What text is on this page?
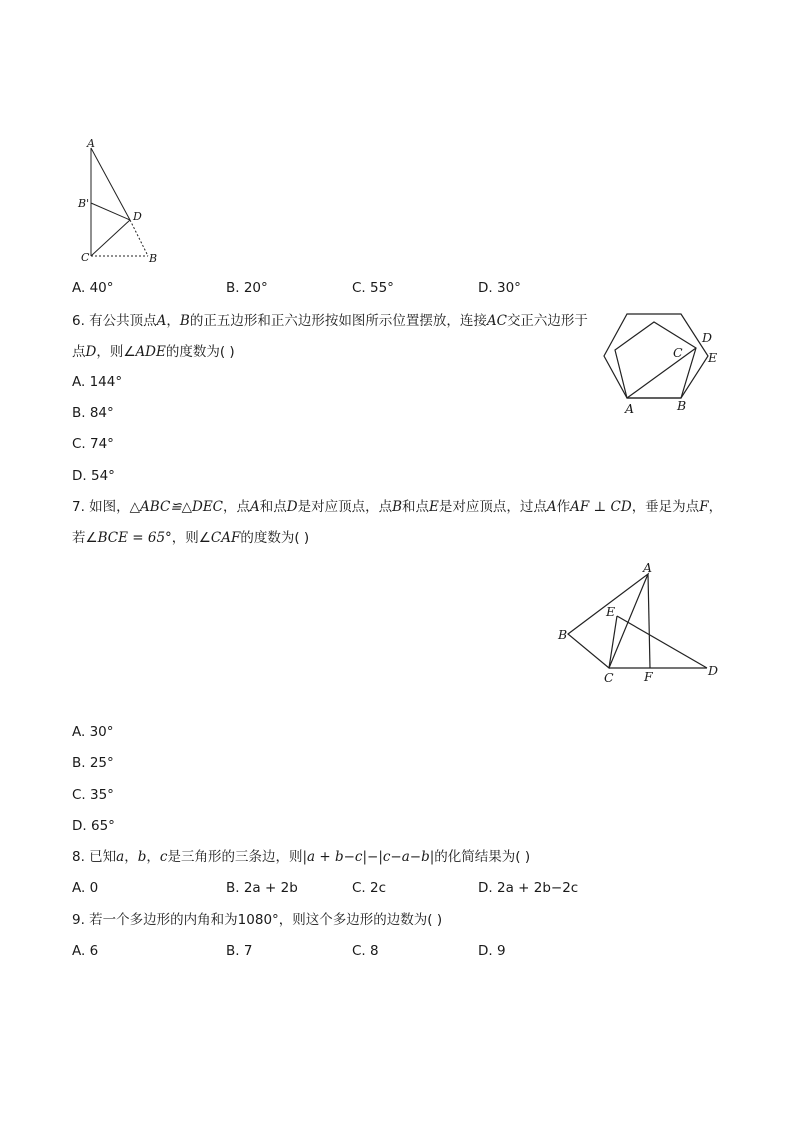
A
B'
D
C	B
A. 40°	B. 20°	C. 55°	D. 30°
6. 有公共顶点A，B的正五边形和正六边形按如图所示位置摆放，连接AC交正六边形于
点D，则∠ADE的度数为( )	C
D
E
A	B
A. 144°
B. 84°
C. 74°
D. 54°
7. 如图，△ABC≌△DEC，点A和点D是对应顶点，点B和点E是对应顶点，过点A作AF ⊥ CD，垂足为点F，
若∠BCE = 65°，则∠CAF的度数为( )
A
E
B
C F	D
A. 30°
B. 25°
C. 35°
D. 65°
8. 已知a，b，c是三角形的三条边，则|a + b−c|−|c−a−b|的化简结果为( )
A. 0	B. 2a + 2b	C. 2c	D. 2a + 2b−2c
9. 若一个多边形的内角和为1080°，则这个多边形的边数为( )
A. 6	B. 7	C. 8	D. 9
